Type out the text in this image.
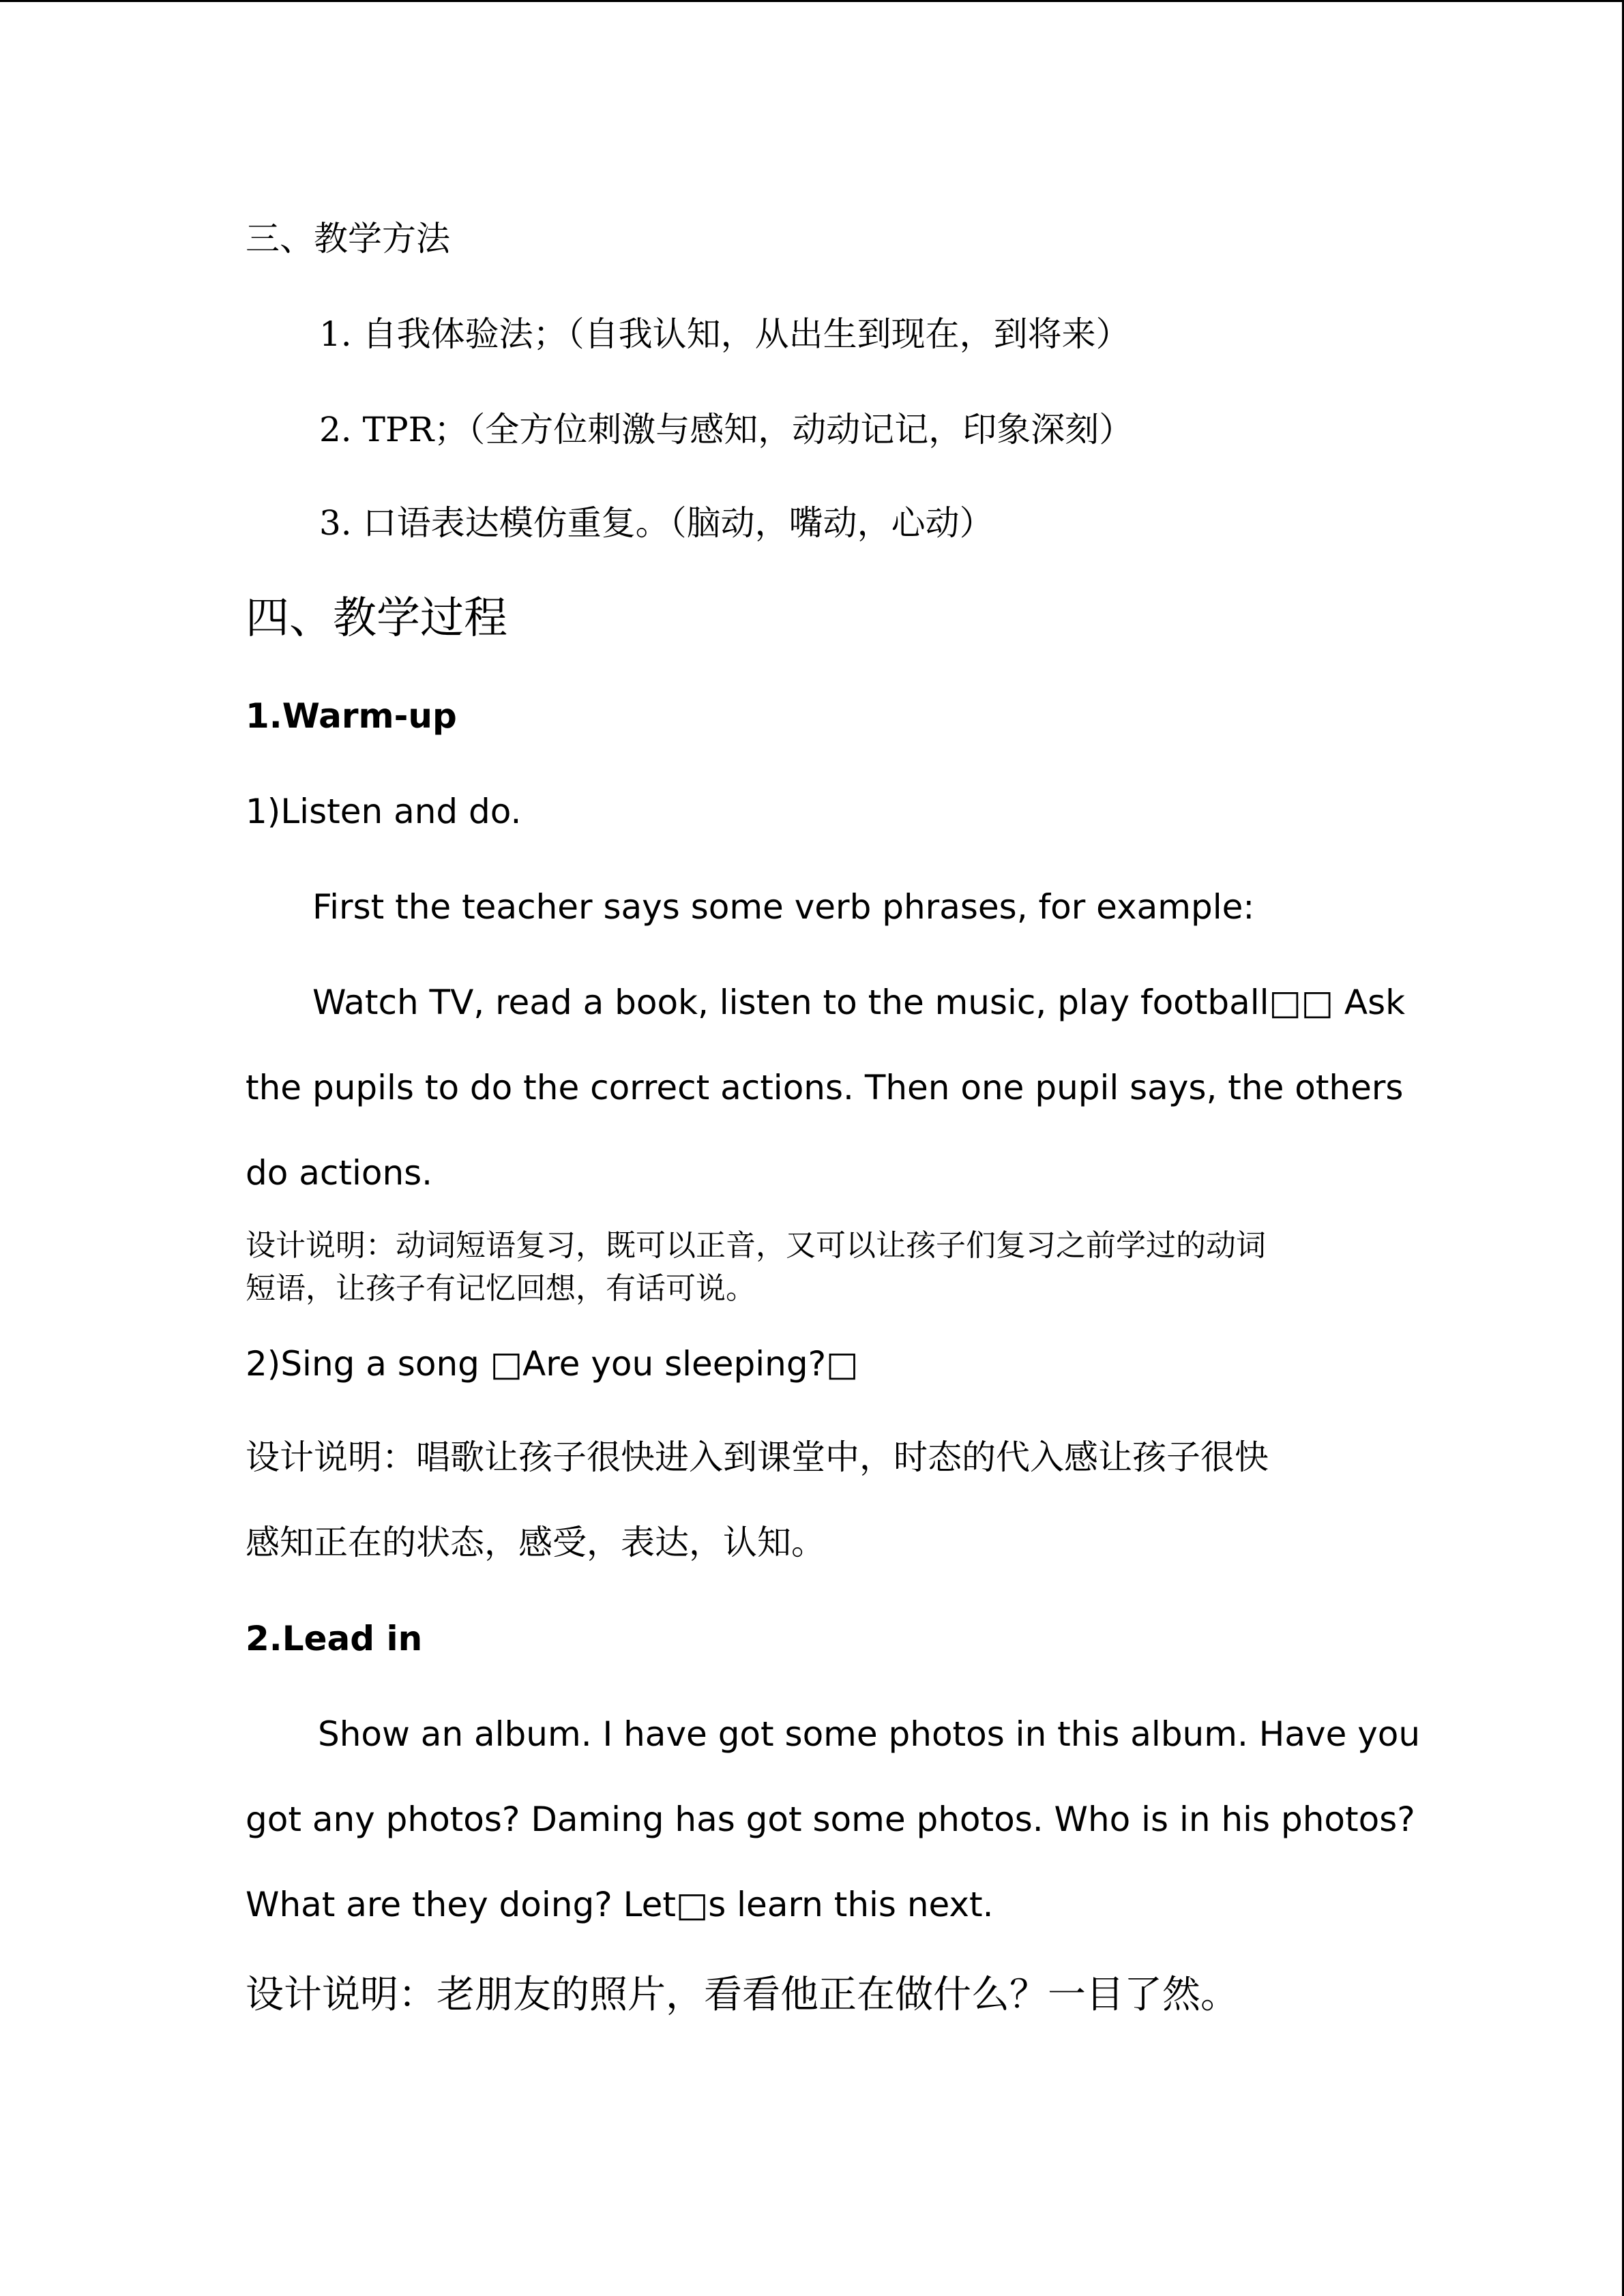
三、教学方法
1. 自我体验法；（自我认知，从出生到现在，到将来）
2. TPR；（全方位刺激与感知，动动记记，印象深刻）
3. 口语表达模仿重复。（脑动，嘴动，心动）
四、教学过程
1.Warm-up
1)Listen and do.
First the teacher says some verb phrases, for example:
Watch TV, read a book, listen to the music, play football□□ Ask
the pupils to do the correct actions. Then one pupil says, the others
do actions.
设计说明：动词短语复习，既可以正音，又可以让孩子们复习之前学过的动词
短语，让孩子有记忆回想，有话可说。
2)Sing a song □Are you sleeping?□
设计说明：唱歌让孩子很快进入到课堂中，时态的代入感让孩子很快
感知正在的状态，感受，表达，认知。
2.Lead in
Show an album. I have got some photos in this album. Have you
got any photos? Daming has got some photos. Who is in his photos?
What are they doing? Let□s learn this next.
设计说明：老朋友的照片，看看他正在做什么？一目了然。
